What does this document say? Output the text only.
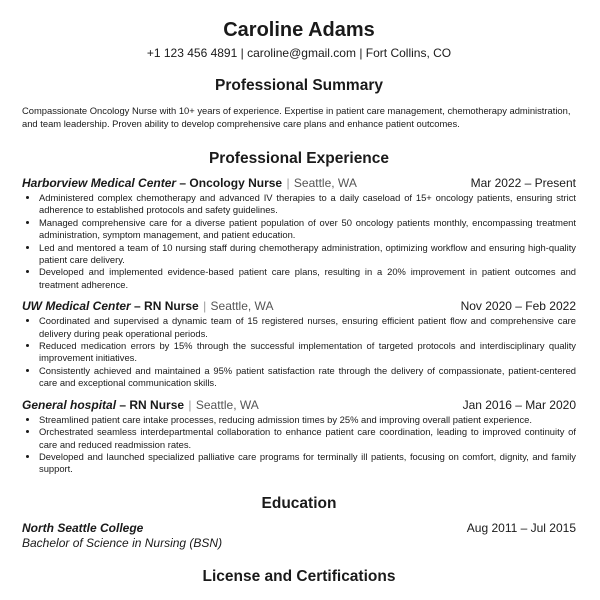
Caroline Adams
+1 123 456 4891 | caroline@gmail.com | Fort Collins, CO
Professional Summary

Compassionate Oncology Nurse with 10+ years of experience. Expertise in patient care management, chemotherapy administration, and team leadership. Proven ability to develop comprehensive care plans and enhance patient outcomes.

Professional Experience
Harborview Medical Center – Oncology Nurse | Seattle, WA	Mar 2022 – Present
• Administered complex chemotherapy and advanced IV therapies to a daily caseload of 15+ oncology patients, ensuring strict adherence to established protocols and safety guidelines.
• Managed comprehensive care for a diverse patient population of over 50 oncology patients monthly, encompassing treatment administration, symptom management, and patient education.
• Led and mentored a team of 10 nursing staff during chemotherapy administration, optimizing workflow and ensuring high-quality patient care delivery.
• Developed and implemented evidence-based patient care plans, resulting in a 20% improvement in patient outcomes and treatment adherence.
UW Medical Center – RN Nurse | Seattle, WA	Nov 2020 – Feb 2022
• Coordinated and supervised a dynamic team of 15 registered nurses, ensuring efficient patient flow and comprehensive care delivery during peak operational periods.
• Reduced medication errors by 15% through the successful implementation of targeted protocols and interdisciplinary quality improvement initiatives.
• Consistently achieved and maintained a 95% patient satisfaction rate through the delivery of compassionate, patient-centered care and exceptional communication skills.
General hospital – RN Nurse | Seattle, WA	Jan 2016 – Mar 2020
• Streamlined patient care intake processes, reducing admission times by 25% and improving overall patient experience.
• Orchestrated seamless interdepartmental collaboration to enhance patient care coordination, leading to improved continuity of care and reduced readmission rates.
• Developed and launched specialized palliative care programs for terminally ill patients, focusing on comfort, dignity, and family support.
Education
North Seattle College	Aug 2011 – Jul 2015
Bachelor of Science in Nursing (BSN)
License and Certifications
